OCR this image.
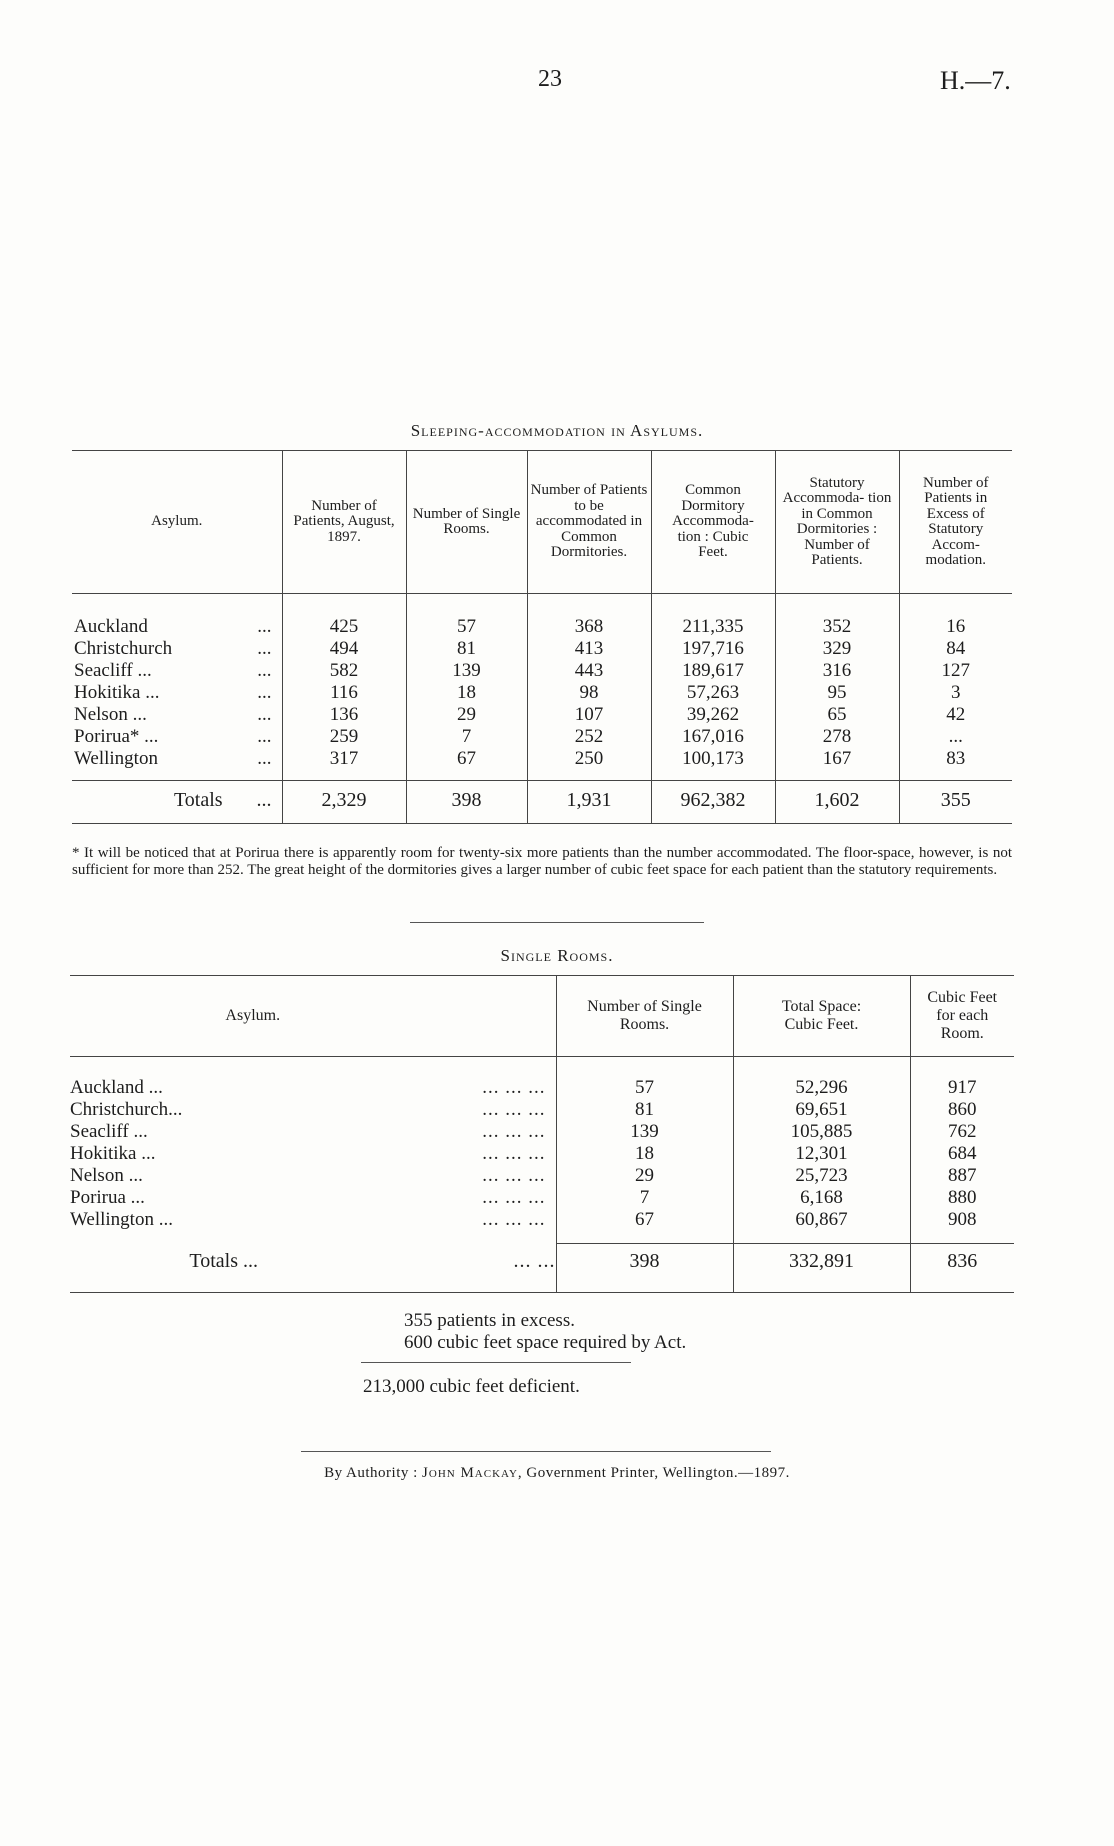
23	H.—7.
Sleeping-accommodation in Asylums.
Asylum.	Number of Patients, August, 1897.	Number of Single Rooms.	Number of Patients to be accommodated in Common Dormitories.	Common Dormitory Accommoda- tion : Cubic Feet.	Statutory Accommoda- tion in Common Dormitories : Number of Patients.	Number of Patients in Excess of Statutory Accom- modation.

Auckland ...	425	57	368	211,335	352	16
Christchurch ...	494	81	413	197,716	329	84
Seacliff ... ...	582	139	443	189,617	316	127
Hokitika ... ...	116	18	98	57,263	95	3
Nelson ... ...	136	29	107	39,262	65	42
Porirua* ... ...	259	7	252	167,016	278	...
Wellington ...	317	67	250	100,173	167	83
Totals ...	2,329	398	1,931	962,382	1,602	355
* It will be noticed that at Porirua there is apparently room for twenty-six more patients than the number accommodated. The floor-space, however, is not sufficient for more than 252. The great height of the dormitories gives a larger number of cubic feet space for each patient than the statutory requirements.
Single Rooms.
Asylum.		Number of Single Rooms.	Total Space: Cubic Feet.	Cubic Feet for each Room.

Auckland ...	... ... ...	57	52,296	917
Christchurch...	... ... ...	81	69,651	860
Seacliff ...	... ... ...	139	105,885	762
Hokitika ...	... ... ...	18	12,301	684
Nelson ...	... ... ...	29	25,723	887
Porirua ...	... ... ...	7	6,168	880
Wellington ...	... ... ...	67	60,867	908
Totals ...	... ...	398	332,891	836
355 patients in excess.
600 cubic feet space required by Act.
213,000 cubic feet deficient.
By Authority : John Mackay, Government Printer, Wellington.—1897.
